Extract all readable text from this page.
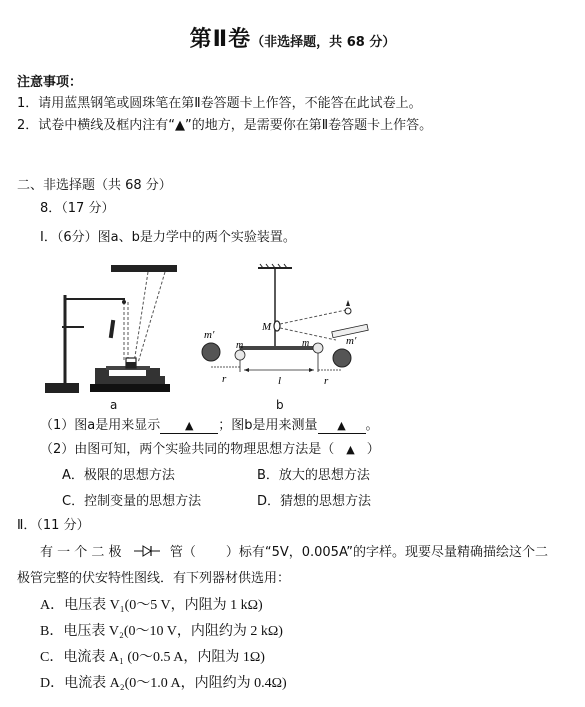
第Ⅱ卷（非选择题，共 68 分）
注意事项：
1．请用蓝黑钢笔或圆珠笔在第Ⅱ卷答题卡上作答，不能答在此试卷上。
2．试卷中横线及框内注有“▲”的地方，是需要你在第Ⅱ卷答题卡上作答。
二、非选择题（共 68 分）
8．（17 分）
Ⅰ．（6分）图a、b是力学中的两个实验装置。
a
M
m′	m′
m	m
r	l	r
b
（1）图a是用来显示 ▲ ；图b是用来测量 ▲ 。
（2）由图可知，两个实验共同的物理思想方法是（ ▲ ）
A．极限的思想方法	B．放大的思想方法
C．控制变量的思想方法	D．猜想的思想方法
Ⅱ．（11 分）
有 一 个 二 极	管（ ）标有“5V，0.005A”的字样。现要尽量精确描绘这个二
极管完整的伏安特性图线．有下列器材供选用：
A．电压表 V₁(0～5 V，内阻为 1 kΩ)
B．电压表 V₂(0～10 V，内阻约为 2 kΩ)
C．电流表 A₁ (0～0.5 A，内阻为 1Ω)
D．电流表 A₂(0～1.0 A，内阻约为 0.4Ω)
